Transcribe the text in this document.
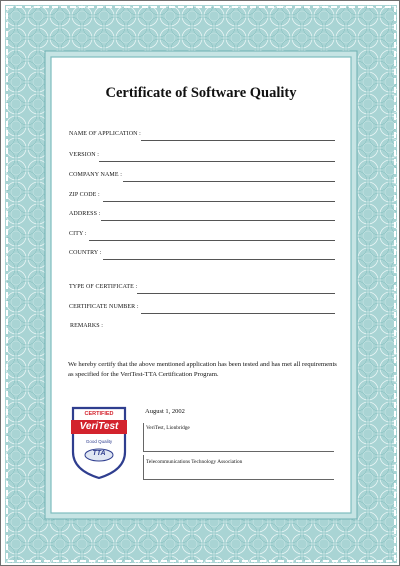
Certificate of Software Quality
NAME OF APPLICATION :
VERSION :
COMPANY NAME :
ZIP CODE :
ADDRESS :
CITY :
COUNTRY :
TYPE OF CERTIFICATE :
CERTIFICATE NUMBER :
REMARKS :
We hereby certify that the above mentioned application has been tested and has met all requirements as specified for the VeriTest-TTA Certification Program.
August 1, 2002
VeriTest, Lionbridge
Telecommunications Technology Association
CERTIFIED
VeriTest
Good Quality
TTA
